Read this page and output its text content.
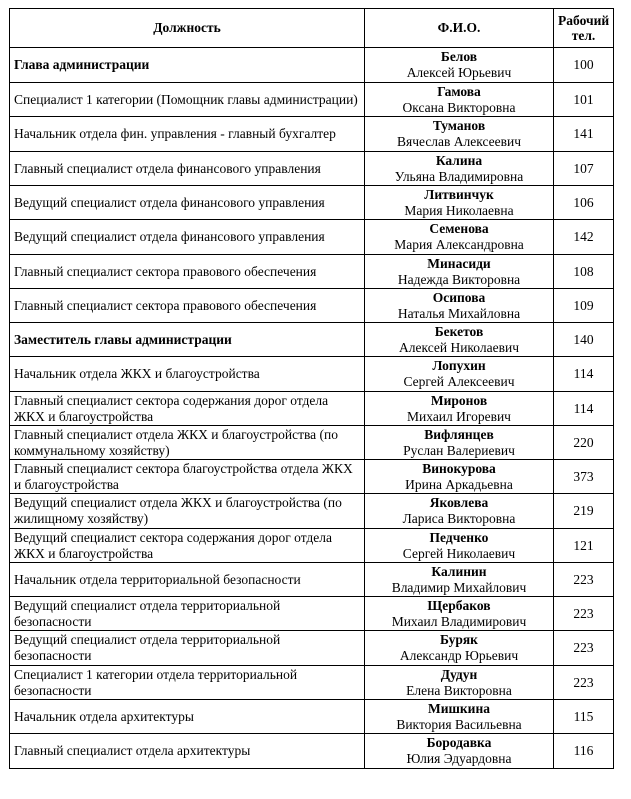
Должность	Ф.И.О.	Рабочий
тел.
Глава администрации	Белов
Алексей Юрьевич	100
Специалист 1 категории (Помощник главы администрации)	Гамова
Оксана Викторовна	101
Начальник отдела фин. управления - главный бухгалтер	Туманов
Вячеслав Алексеевич	141
Главный специалист отдела финансового управления	Калина
Ульяна Владимировна	107
Ведущий специалист отдела финансового управления	Литвинчук
Мария Николаевна	106
Ведущий специалист отдела финансового управления	Семенова
Мария Александровна	142
Главный специалист сектора правового обеспечения	Минасиди
Надежда Викторовна	108
Главный специалист сектора правового обеспечения	Осипова
Наталья Михайловна	109
Заместитель главы администрации	Бекетов
Алексей Николаевич	140
Начальник отдела ЖКХ и благоустройства	Лопухин
Сергей Алексеевич	114
Главный специалист сектора содержания дорог отдела ЖКХ и благоустройства	Миронов
Михаил Игоревич	114
Главный специалист отдела ЖКХ и благоустройства (по коммунальному хозяйству)	Вифлянцев
Руслан Валериевич	220
Главный специалист сектора благоустройства отдела ЖКХ и благоустройства	Винокурова
Ирина Аркадьевна	373
Ведущий специалист отдела ЖКХ и благоустройства (по жилищному хозяйству)	Яковлева
Лариса Викторовна	219
Ведущий специалист сектора содержания дорог отдела ЖКХ и благоустройства	Педченко
Сергей Николаевич	121
Начальник отдела территориальной безопасности	Калинин
Владимир Михайлович	223
Ведущий специалист отдела территориальной безопасности	Щербаков
Михаил Владимирович	223
Ведущий специалист отдела территориальной безопасности	Буряк
Александр Юрьевич	223
Специалист 1 категории отдела территориальной безопасности	Дудун
Елена Викторовна	223
Начальник отдела архитектуры	Мишкина
Виктория Васильевна	115
Главный специалист отдела архитектуры	Бородавка
Юлия Эдуардовна	116
